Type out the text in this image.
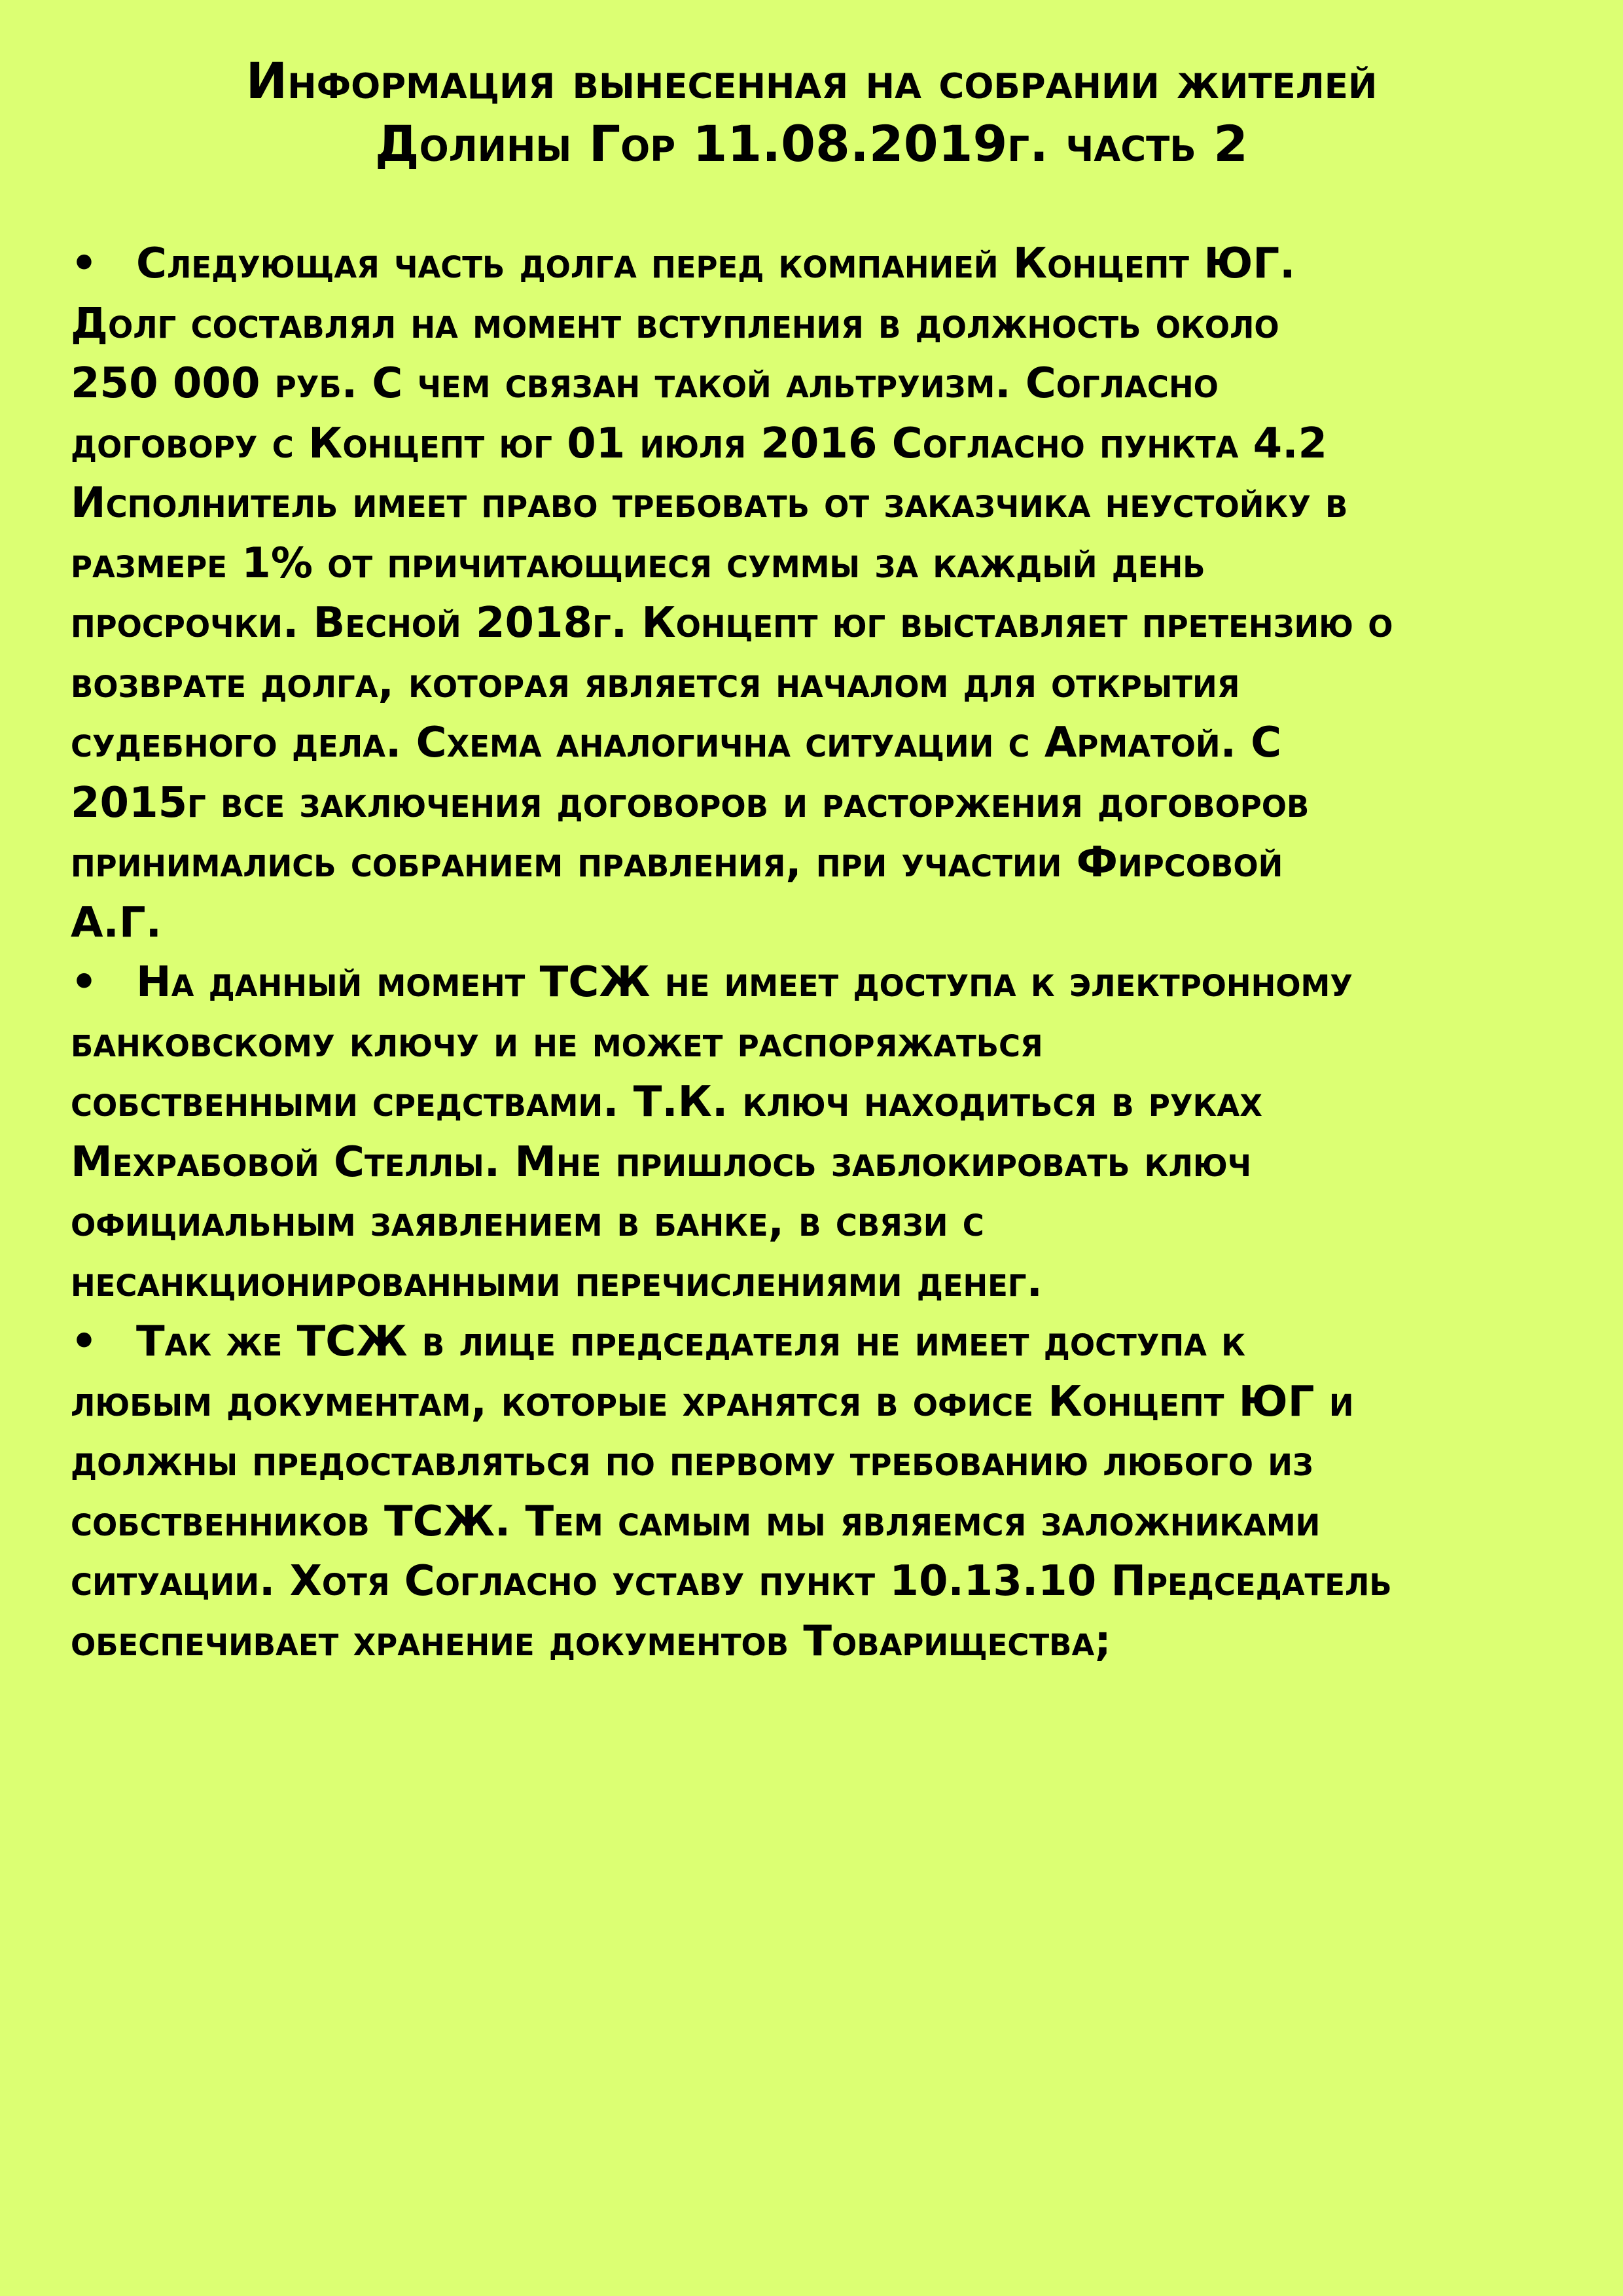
Информация вынесенная на собрании жителей
Долины Гор 11.08.2019г. часть 2
• Следующая часть долга перед компанией Концепт ЮГ.
Долг составлял на момент вступления в должность около
250 000 руб. С чем связан такой альтруизм. Согласно
договору с Концепт юг 01 июля 2016 Согласно пункта 4.2
Исполнитель имеет право требовать от заказчика неустойку в
размере 1% от причитающиеся суммы за каждый день
просрочки. Весной 2018г. Концепт юг выставляет претензию о
возврате долга, которая является началом для открытия
судебного дела. Схема аналогична ситуации с Арматой. С
2015г все заключения договоров и расторжения договоров
принимались собранием правления, при участии Фирсовой
А.Г.
• На данный момент ТСЖ не имеет доступа к электронному
банковскому ключу и не может распоряжаться
собственными средствами. Т.К. ключ находиться в руках
Мехрабовой Стеллы. Мне пришлось заблокировать ключ
официальным заявлением в банке, в связи с
несанкционированными перечислениями денег.
• Так же ТСЖ в лице председателя не имеет доступа к
любым документам, которые хранятся в офисе Концепт ЮГ и
должны предоставляться по первому требованию любого из
собственников ТСЖ. Тем самым мы являемся заложниками
ситуации. Хотя Согласно уставу пункт 10.13.10 Председатель
обеспечивает хранение документов Товарищества;
